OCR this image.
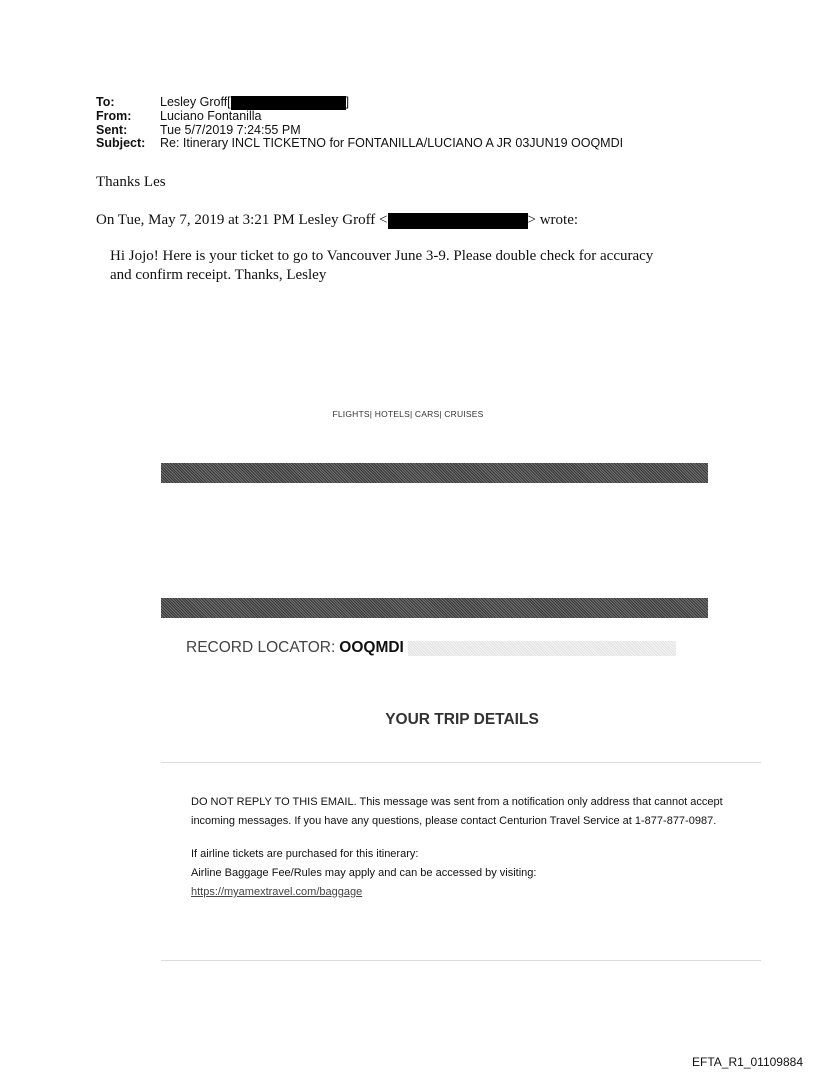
To:	Lesley Groff[	]
From:	Luciano Fontanilla
Sent:	Tue 5/7/2019 7:24:55 PM
Subject:	Re: Itinerary INCL TICKETNO for FONTANILLA/LUCIANO A JR 03JUN19 OOQMDI
Thanks Les
On Tue, May 7, 2019 at 3:21 PM Lesley Groff <	> wrote:
Hi Jojo! Here is your ticket to go to Vancouver June 3-9. Please double check for accuracy
and confirm receipt. Thanks, Lesley
FLIGHTS| HOTELS| CARS| CRUISES
RECORD LOCATOR: OOQMDI
YOUR TRIP DETAILS

DO NOT REPLY TO THIS EMAIL. This message was sent from a notification only address that cannot accept incoming messages. If you have any questions, please contact Centurion Travel Service at 1-877-877-0987.

If airline tickets are purchased for this itinerary:

Airline Baggage Fee/Rules may apply and can be accessed by visiting:

https://myamextravel.com/baggage

EFTA_R1_01109884
